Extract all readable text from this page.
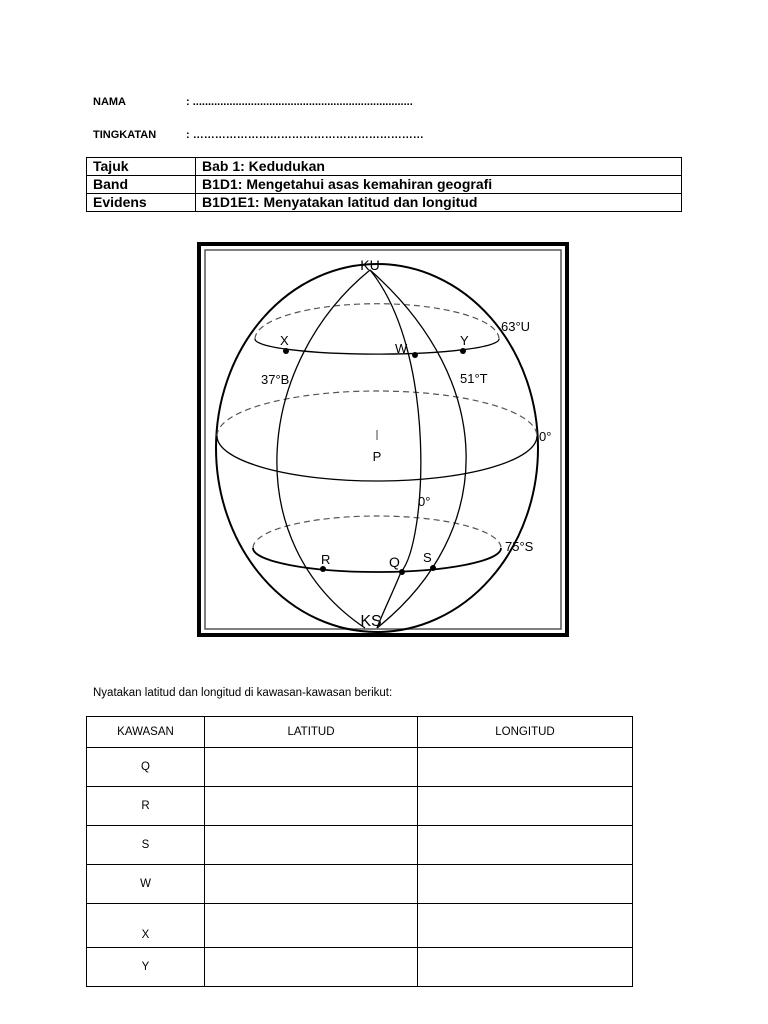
NAMA	: ........................................................................
TINGKATAN	: ………………………………………………………
Tajuk	Bab 1: Kedudukan
Band	B1D1: Mengetahui asas kemahiran geografi
Evidens	B1D1E1: Menyatakan latitud dan longitud
KU
KS
P
63°U
0°
75°S
37°B	51°T
0°
X
W
Y
R	Q S
Nyatakan latitud dan longitud di kawasan-kawasan berikut:
KAWASAN	LATITUD	LONGITUD
Q		
R		
S		
W		
X		
Y		
